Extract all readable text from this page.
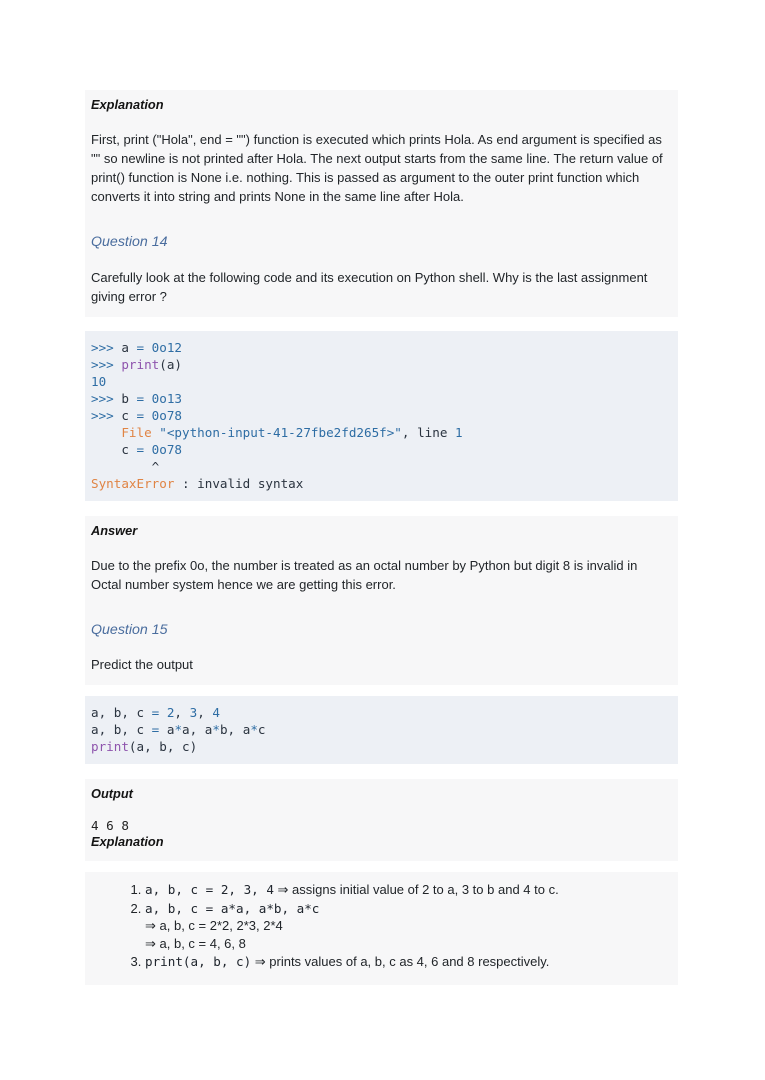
Explanation

First, print ("Hola", end = "") function is executed which prints Hola. As end argument is specified as "" so newline is not printed after Hola. The next output starts from the same line. The return value of print() function is None i.e. nothing. This is passed as argument to the outer print function which converts it into string and prints None in the same line after Hola.

Question 14

Carefully look at the following code and its execution on Python shell. Why is the last assignment giving error ?

>>> a = 0o12
>>> print(a)
10
>>> b = 0o13
>>> c = 0o78
File "<python-input-41-27fbe2fd265f>", line 1
c = 0o78
^
SyntaxError : invalid syntax
Answer

Due to the prefix 0o, the number is treated as an octal number by Python but digit 8 is invalid in Octal number system hence we are getting this error.

Question 15

Predict the output

a, b, c = 2, 3, 4
a, b, c = a*a, a*b, a*c
print(a, b, c)
Output

4 6 8

Explanation
1. a, b, c = 2, 3, 4 ⇒ assigns initial value of 2 to a, 3 to b and 4 to c.
2. a, b, c = a*a, a*b, a*c
⇒ a, b, c = 2*2, 2*3, 2*4
⇒ a, b, c = 4, 6, 8
3. print(a, b, c) ⇒ prints values of a, b, c as 4, 6 and 8 respectively.
